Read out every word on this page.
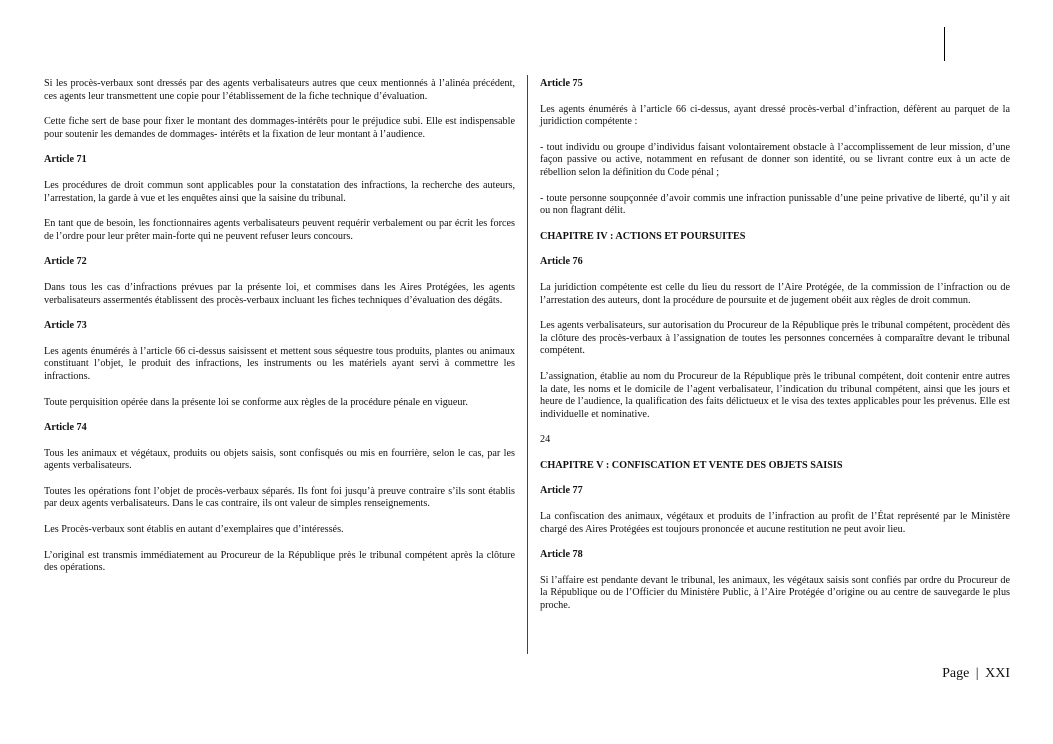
Si les procès-verbaux sont dressés par des agents verbalisateurs autres que ceux mentionnés à l’alinéa précédent, ces agents leur transmettent une copie pour l’établissement de la fiche technique d’évaluation.

Cette fiche sert de base pour fixer le montant des dommages-intérêts pour le préjudice subi. Elle est indispensable pour soutenir les demandes de dommages- intérêts et la fixation de leur montant à l’audience.

Article 71

Les procédures de droit commun sont applicables pour la constatation des infractions, la recherche des auteurs, l’arrestation, la garde à vue et les enquêtes ainsi que la saisine du tribunal.

En tant que de besoin, les fonctionnaires agents verbalisateurs peuvent requérir verbalement ou par écrit les forces de l’ordre pour leur prêter main-forte qui ne peuvent refuser leurs concours.

Article 72

Dans tous les cas d’infractions prévues par la présente loi, et commises dans les Aires Protégées, les agents verbalisateurs assermentés établissent des procès-verbaux incluant les fiches techniques d’évaluation des dégâts.

Article 73

Les agents énumérés à l’article 66 ci-dessus saisissent et mettent sous séquestre tous produits, plantes ou animaux constituant l’objet, le produit des infractions, les instruments ou les matériels ayant servi à commettre les infractions.

Toute perquisition opérée dans la présente loi se conforme aux règles de la procédure pénale en vigueur.

Article 74

Tous les animaux et végétaux, produits ou objets saisis, sont confisqués ou mis en fourrière, selon le cas, par les agents verbalisateurs.

Toutes les opérations font l’objet de procès-verbaux séparés. Ils font foi jusqu’à preuve contraire s’ils sont établis par deux agents verbalisateurs. Dans le cas contraire, ils ont valeur de simples renseignements.

Les Procès-verbaux sont établis en autant d’exemplaires que d’intéressés.

L’original est transmis immédiatement au Procureur de la République près le tribunal compétent après la clôture des opérations.

Article 75

Les agents énumérés à l’article 66 ci-dessus, ayant dressé procès-verbal d’infraction, défèrent au parquet de la juridiction compétente :

- tout individu ou groupe d’individus faisant volontairement obstacle à l’accomplissement de leur mission, d’une façon passive ou active, notamment en refusant de donner son identité, ou se livrant contre eux à un acte de rébellion selon la définition du Code pénal ;

- toute personne soupçonnée d’avoir commis une infraction punissable d’une peine privative de liberté, qu’il y ait ou non flagrant délit.

CHAPITRE IV : ACTIONS ET POURSUITES
Article 76

La juridiction compétente est celle du lieu du ressort de l’Aire Protégée, de la commission de l’infraction ou de l’arrestation des auteurs, dont la procédure de poursuite et de jugement obéit aux règles de droit commun.

Les agents verbalisateurs, sur autorisation du Procureur de la République près le tribunal compétent, procèdent dès la clôture des procès-verbaux à l’assignation de toutes les personnes concernées à comparaître devant le tribunal compétent.

L’assignation, établie au nom du Procureur de la République près le tribunal compétent, doit contenir entre autres la date, les noms et le domicile de l’agent verbalisateur, l’indication du tribunal compétent, ainsi que les jours et heure de l’audience, la qualification des faits délictueux et le visa des textes applicables pour les prévenus. Elle est individuelle et nominative.

24

CHAPITRE V : CONFISCATION ET VENTE DES OBJETS SAISIS
Article 77

La confiscation des animaux, végétaux et produits de l’infraction au profit de l’État représenté par le Ministère chargé des Aires Protégées est toujours prononcée et aucune restitution ne peut avoir lieu.

Article 78

Si l’affaire est pendante devant le tribunal, les animaux, les végétaux saisis sont confiés par ordre du Procureur de la République ou de l’Officier du Ministère Public, à l’Aire Protégée d’origine ou au centre de sauvegarde le plus proche.

Page | XXI
